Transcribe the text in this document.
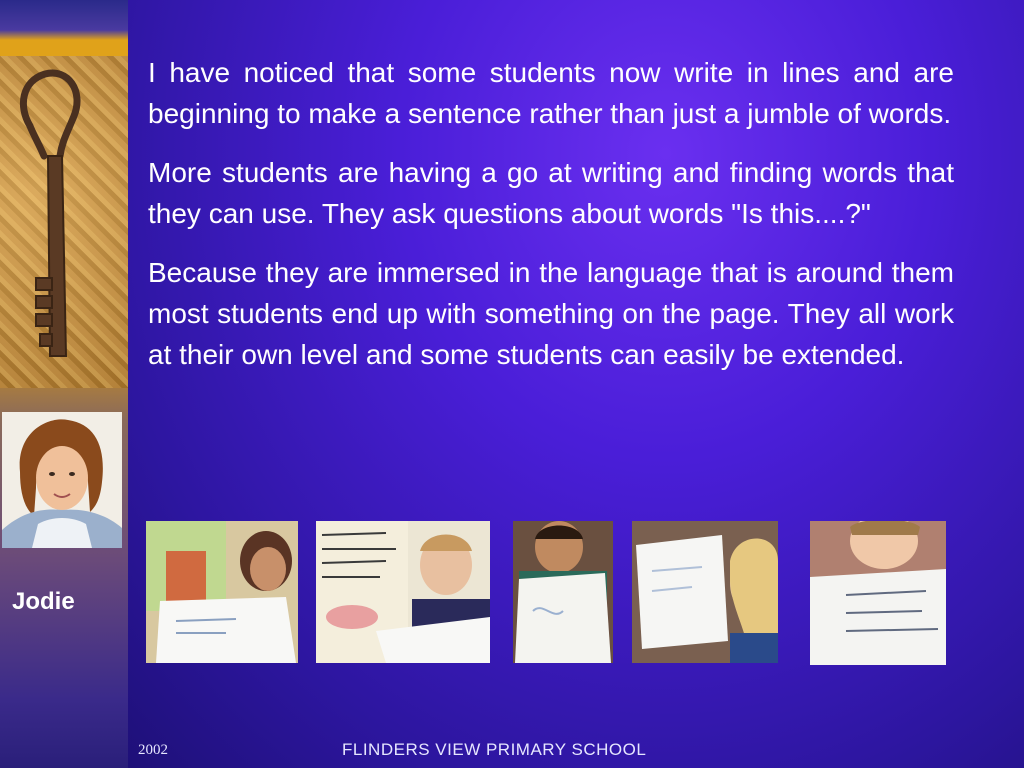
Jodie

I have noticed that some students now write in lines and are beginning to make a sentence rather than just a jumble of words.

More students are having a go at writing and finding words that they can use. They ask questions about words "Is this....?"

Because they are immersed in the language that is around them most students end up with something on the page. They all work at their own level and some students can easily be extended.

2002	FLINDERS VIEW PRIMARY SCHOOL
